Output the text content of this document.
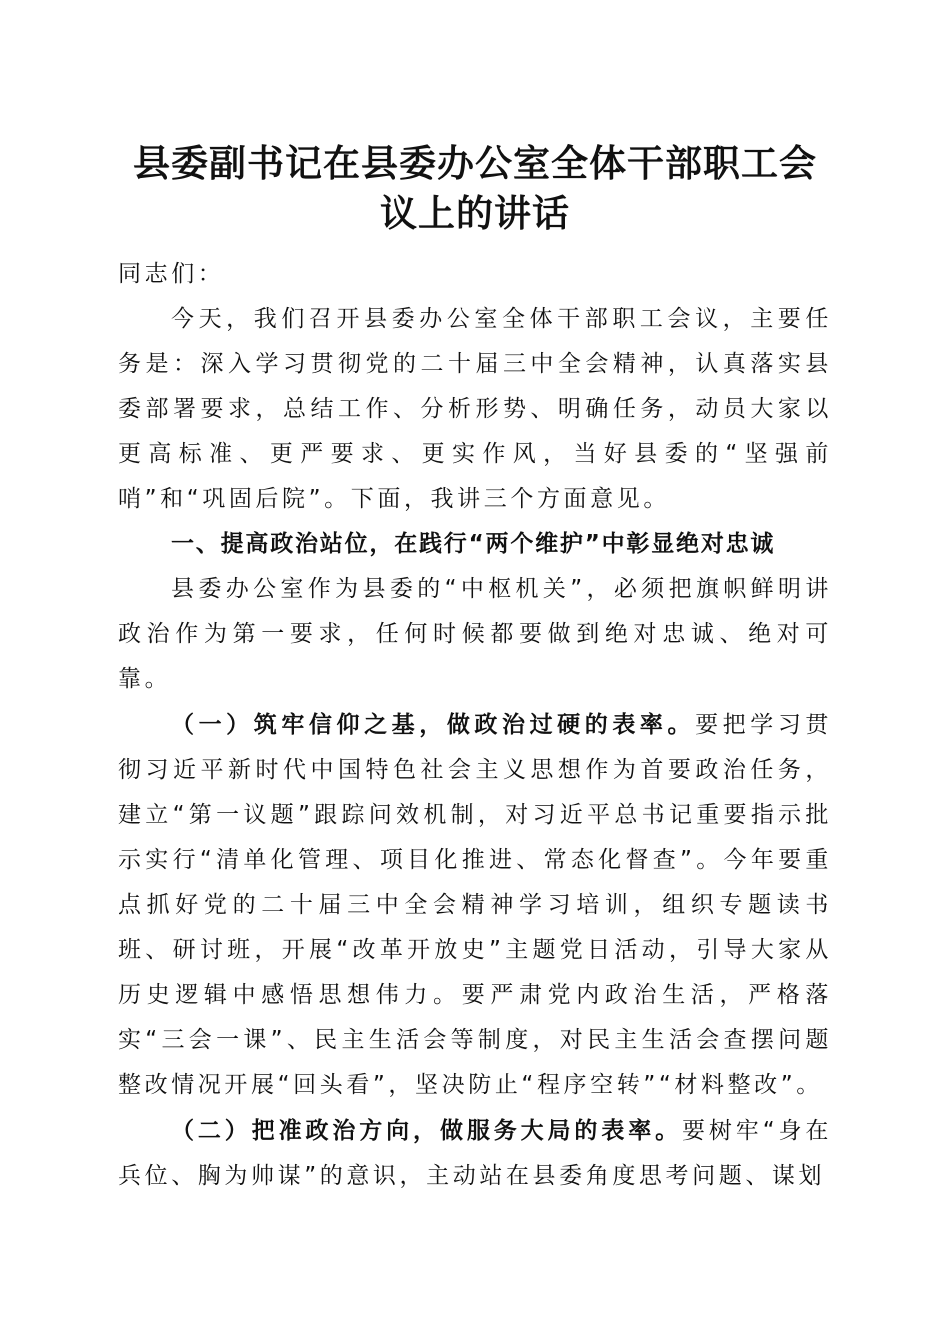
县委副书记在县委办公室全体干部职工会议上的讲话

同志们：

今天，我们召开县委办公室全体干部职工会议，主要任务是：深入学习贯彻党的二十届三中全会精神，认真落实县委部署要求，总结工作、分析形势、明确任务，动员大家以更高标准、更严要求、更实作风，当好县委的“坚强前哨”和“巩固后院”。下面，我讲三个方面意见。

一、提高政治站位，在践行“两个维护”中彰显绝对忠诚

县委办公室作为县委的“中枢机关”，必须把旗帜鲜明讲政治作为第一要求，任何时候都要做到绝对忠诚、绝对可靠。

（一）筑牢信仰之基，做政治过硬的表率。要把学习贯彻习近平新时代中国特色社会主义思想作为首要政治任务，建立“第一议题”跟踪问效机制，对习近平总书记重要指示批示实行“清单化管理、项目化推进、常态化督查”。今年要重点抓好党的二十届三中全会精神学习培训，组织专题读书班、研讨班，开展“改革开放史”主题党日活动，引导大家从历史逻辑中感悟思想伟力。要严肃党内政治生活，严格落实“三会一课”、民主生活会等制度，对民主生活会查摆问题整改情况开展“回头看”，坚决防止“程序空转”“材料整改”。

（二）把准政治方向，做服务大局的表率。要树牢“身在兵位、胸为帅谋”的意识，主动站在县委角度思考问题、谋划
